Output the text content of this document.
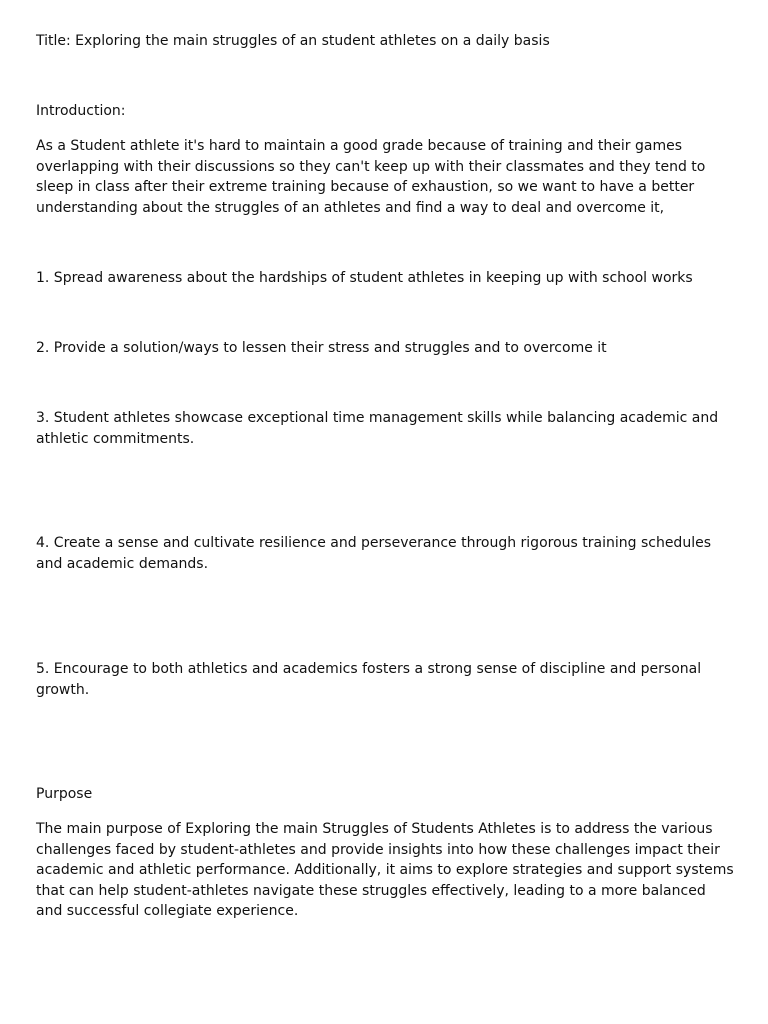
Title: Exploring the main struggles of an student athletes on a daily basis

Introduction:

As a Student athlete it's hard to maintain a good grade because of training and their games overlapping with their discussions so they can't keep up with their classmates and they tend to sleep in class after their extreme training because of exhaustion, so we want to have a better understanding about the struggles of an athletes and find a way to deal and overcome it,

1. Spread awareness about the hardships of student athletes in keeping up with school works

2. Provide a solution/ways to lessen their stress and struggles and to overcome it

3. Student athletes showcase exceptional time management skills while balancing academic and athletic commitments.

4. Create a sense and cultivate resilience and perseverance through rigorous training schedules and academic demands.

5. Encourage to both athletics and academics fosters a strong sense of discipline and personal growth.

Purpose

The main purpose of Exploring the main Struggles of Students Athletes is to address the various challenges faced by student-athletes and provide insights into how these challenges impact their academic and athletic performance. Additionally, it aims to explore strategies and support systems that can help student-athletes navigate these struggles effectively, leading to a more balanced and successful collegiate experience.
